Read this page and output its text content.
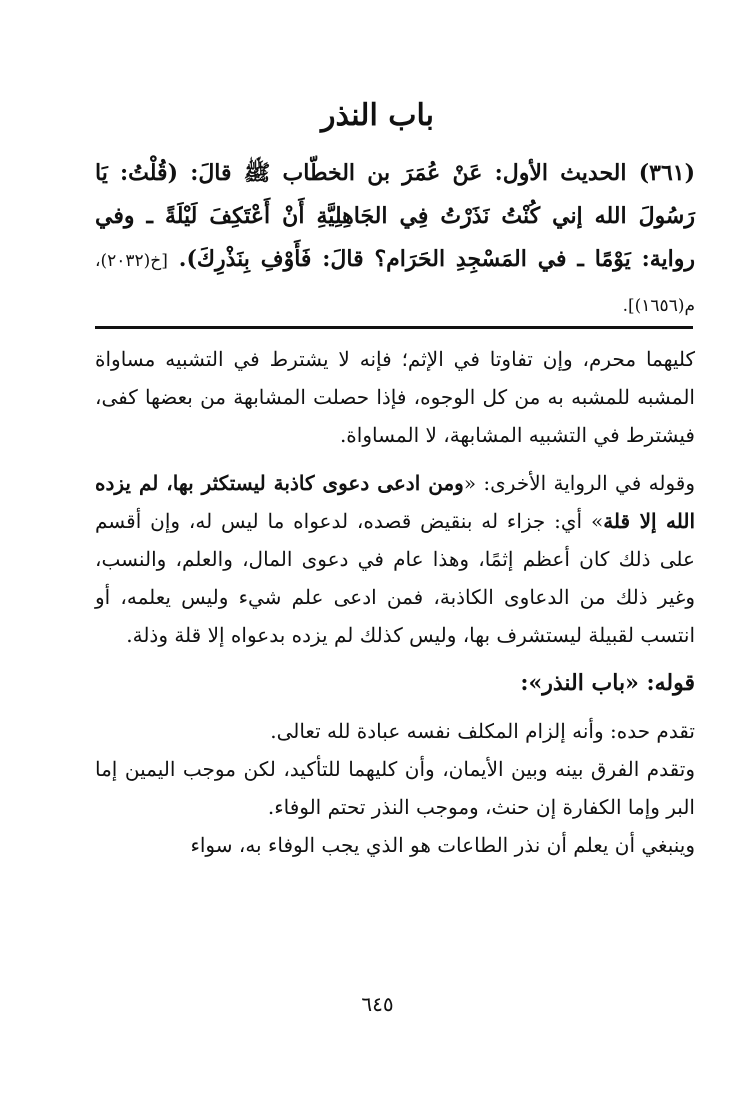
باب النذر

(٣٦١) الحديث الأول: عَنْ عُمَرَ بن الخطّاب ﷺ قالَ: (قُلْتُ: يَا رَسُولَ الله إني كُنْتُ نَذَرْتُ فِي الجَاهِلِيَّةِ أَنْ أَعْتَكِفَ لَيْلَةً ـ وفي رواية: يَوْمًا ـ في المَسْجِدِ الحَرَام؟ قالَ: فَأَوْفِ بِنَذْرِكَ). [خ(٢٠٣٢)، م(١٦٥٦)].

كليهما محرم، وإن تفاوتا في الإثم؛ فإنه لا يشترط في التشبيه مساواة المشبه للمشبه به من كل الوجوه، فإذا حصلت المشابهة من بعضها كفى، فيشترط في التشبيه المشابهة، لا المساواة.

وقوله في الرواية الأخرى: «ومن ادعى دعوى كاذبة ليستكثر بها، لم يزده الله إلا قلة» أي: جزاء له بنقيض قصده، لدعواه ما ليس له، وإن أقسم على ذلك كان أعظم إثمًا، وهذا عام في دعوى المال، والعلم، والنسب، وغير ذلك من الدعاوى الكاذبة، فمن ادعى علم شيء وليس يعلمه، أو انتسب لقبيلة ليستشرف بها، وليس كذلك لم يزده بدعواه إلا قلة وذلة.

قوله: «باب النذر»:

تقدم حده: وأنه إلزام المكلف نفسه عبادة لله تعالى.

وتقدم الفرق بينه وبين الأيمان، وأن كليهما للتأكيد، لكن موجب اليمين إما البر وإما الكفارة إن حنث، وموجب النذر تحتم الوفاء.

وينبغي أن يعلم أن نذر الطاعات هو الذي يجب الوفاء به، سواء

٦٤٥
